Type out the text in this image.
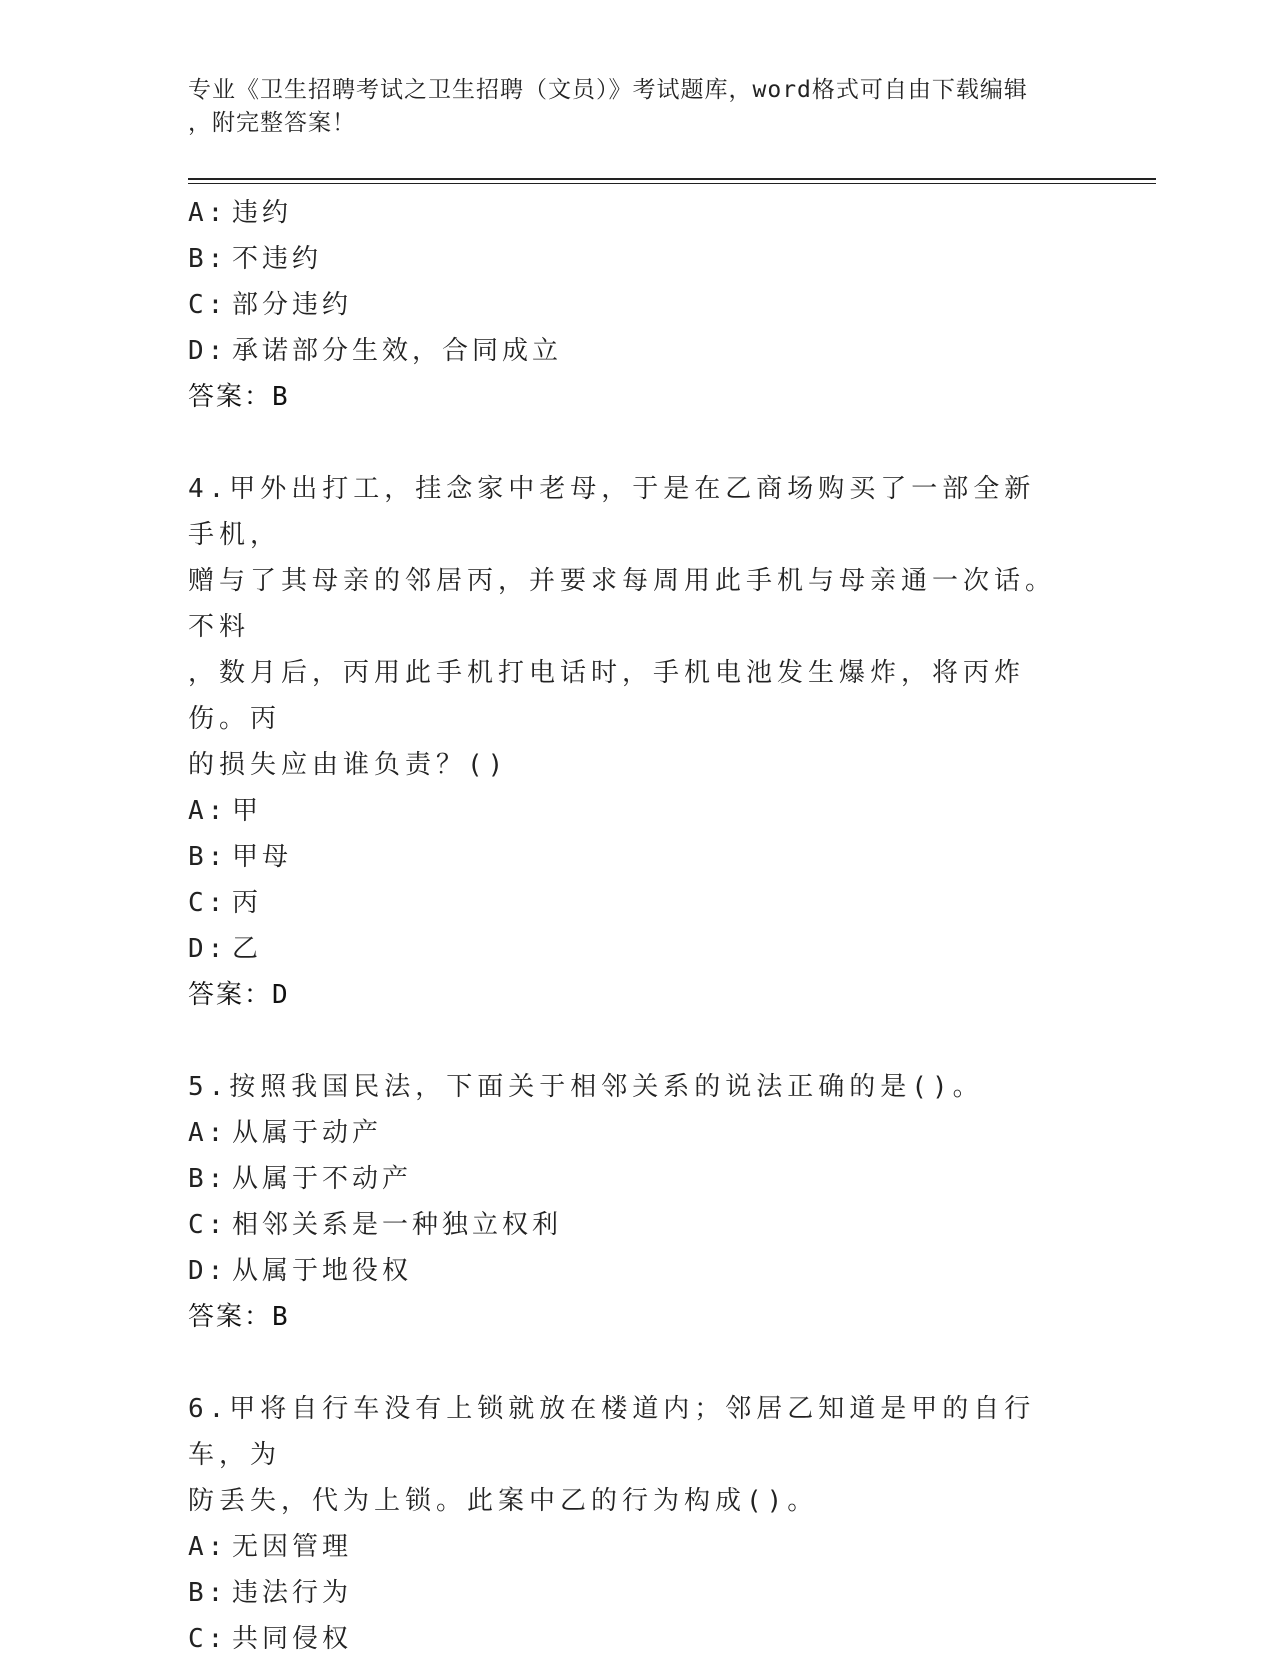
专业《卫生招聘考试之卫生招聘（文员）》考试题库，word格式可自由下载编辑
，附完整答案！
A: 违约
B: 不违约
C: 部分违约
D: 承诺部分生效，合同成立
答案：B
4.甲外出打工，挂念家中老母，于是在乙商场购买了一部全新手机，
赠与了其母亲的邻居丙，并要求每周用此手机与母亲通一次话。不料
，数月后，丙用此手机打电话时，手机电池发生爆炸，将丙炸伤。丙
的损失应由谁负责？()
A: 甲
B: 甲母
C: 丙
D: 乙
答案：D
5.按照我国民法，下面关于相邻关系的说法正确的是()。
A: 从属于动产
B: 从属于不动产
C: 相邻关系是一种独立权利
D: 从属于地役权
答案：B
6.甲将自行车没有上锁就放在楼道内；邻居乙知道是甲的自行车，为
防丢失，代为上锁。此案中乙的行为构成()。
A: 无因管理
B: 违法行为
C: 共同侵权
